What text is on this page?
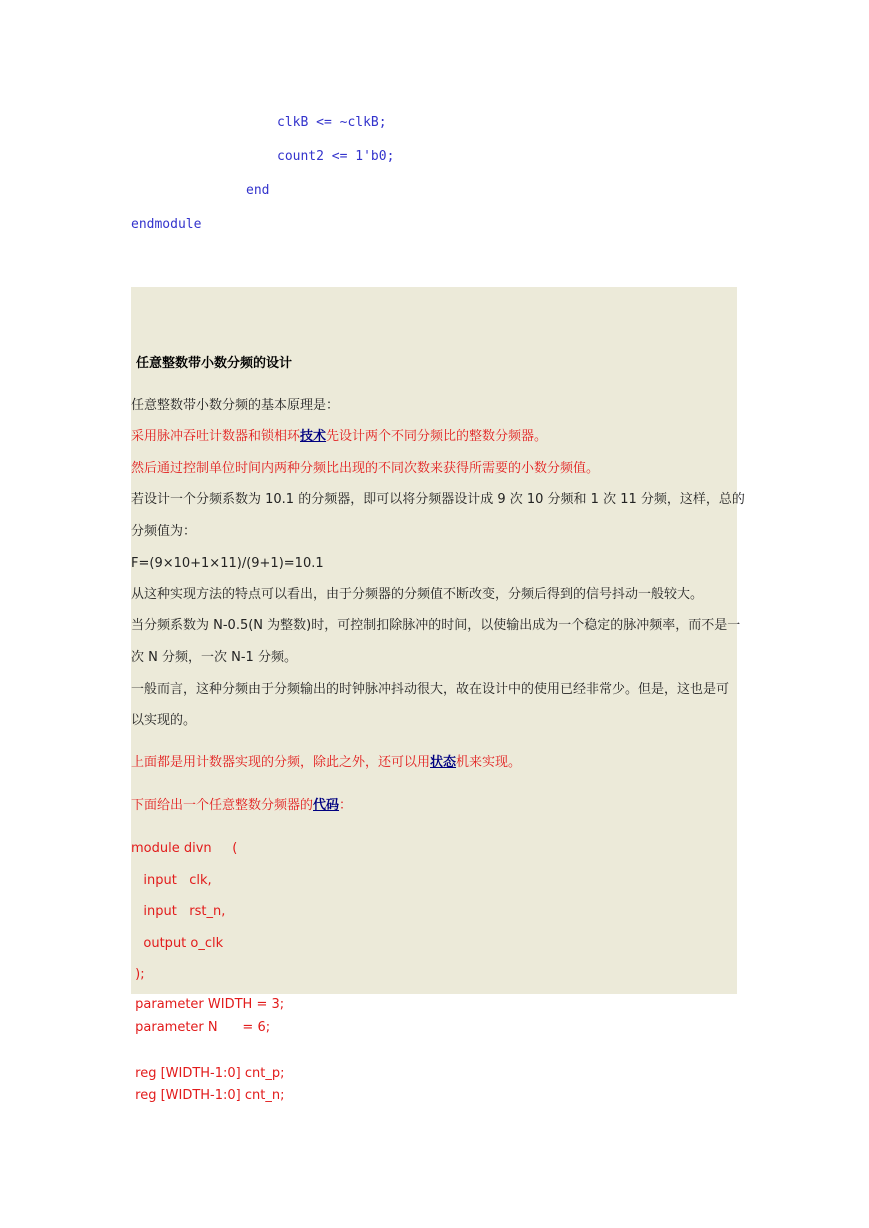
clkB <= ~clkB;
count2 <= 1'b0;
end
endmodule
任意整数带小数分频的设计
任意整数带小数分频的基本原理是：
采用脉冲吞吐计数器和锁相环技术先设计两个不同分频比的整数分频器。
然后通过控制单位时间内两种分频比出现的不同次数来获得所需要的小数分频值。
若设计一个分频系数为 10.1 的分频器，即可以将分频器设计成 9 次 10 分频和 1 次 11 分频，这样，总的
分频值为：
F=(9×10+1×11)/(9+1)=10.1
从这种实现方法的特点可以看出，由于分频器的分频值不断改变，分频后得到的信号抖动一般较大。
当分频系数为 N-0.5(N 为整数)时，可控制扣除脉冲的时间，以使输出成为一个稳定的脉冲频率，而不是一
次 N 分频，一次 N-1 分频。
一般而言，这种分频由于分频输出的时钟脉冲抖动很大，故在设计中的使用已经非常少。但是，这也是可
以实现的。
上面都是用计数器实现的分频，除此之外，还可以用状态机来实现。
下面给出一个任意整数分频器的代码：
module divn     (
input   clk,
input   rst_n,
output o_clk
);
parameter WIDTH = 3;
parameter N      = 6;
reg [WIDTH-1:0] cnt_p;
reg [WIDTH-1:0] cnt_n;
